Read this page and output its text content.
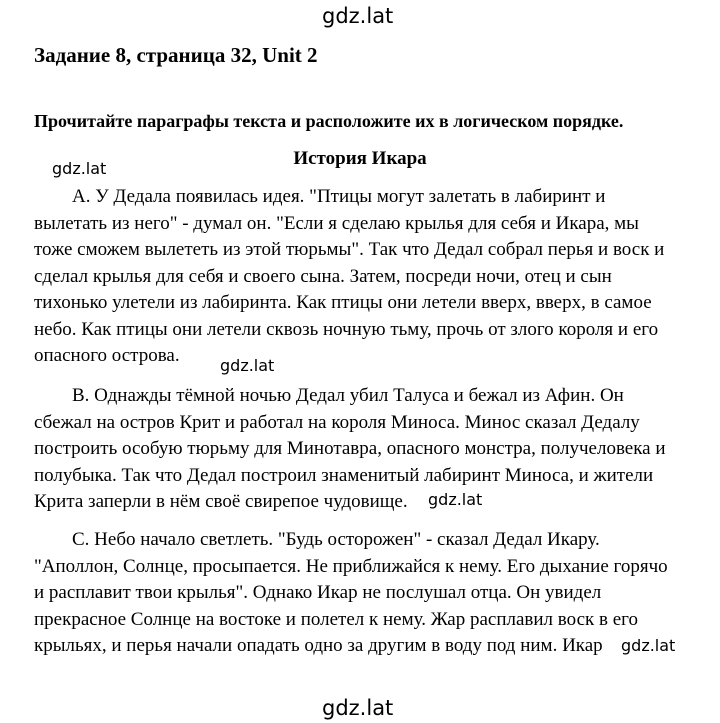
gdz.lat
Задание 8, страница 32, Unit 2

Прочитайте параграфы текста и расположите их в логическом порядке.

gdz.lat	История Икара

A. У Дедала появилась идея. "Птицы могут залетать в лабиринт и вылетать из него" - думал он. "Если я сделаю крылья для себя и Икара, мы тоже сможем вылететь из этой тюрьмы". Так что Дедал собрал перья и воск и сделал крылья для себя и своего сына. Затем, посреди ночи, отец и сын тихонько улетели из лабиринта. Как птицы они летели вверх, вверх, в самое небо. Как птицы они летели сквозь ночную тьму, прочь от злого короля и его опасного острова.	gdz.lat

B. Однажды тёмной ночью Дедал убил Талуса и бежал из Афин. Он сбежал на остров Крит и работал на короля Миноса. Минос сказал Дедалу построить особую тюрьму для Минотавра, опасного монстра, получеловека и полубыка. Так что Дедал построил знаменитый лабиринт Миноса, и жители Крита заперли в нём своё свирепое чудовище.	gdz.lat

C. Небо начало светлеть. "Будь осторожен" - сказал Дедал Икару. "Аполлон, Солнце, просыпается. Не приближайся к нему. Его дыхание горячо и расплавит твои крылья". Однако Икар не послушал отца. Он увидел прекрасное Солнце на востоке и полетел к нему. Жар расплавил воск в его крыльях, и перья начали опадать одно за другим в воду под ним. Икар	gdz.lat
gdz.lat
